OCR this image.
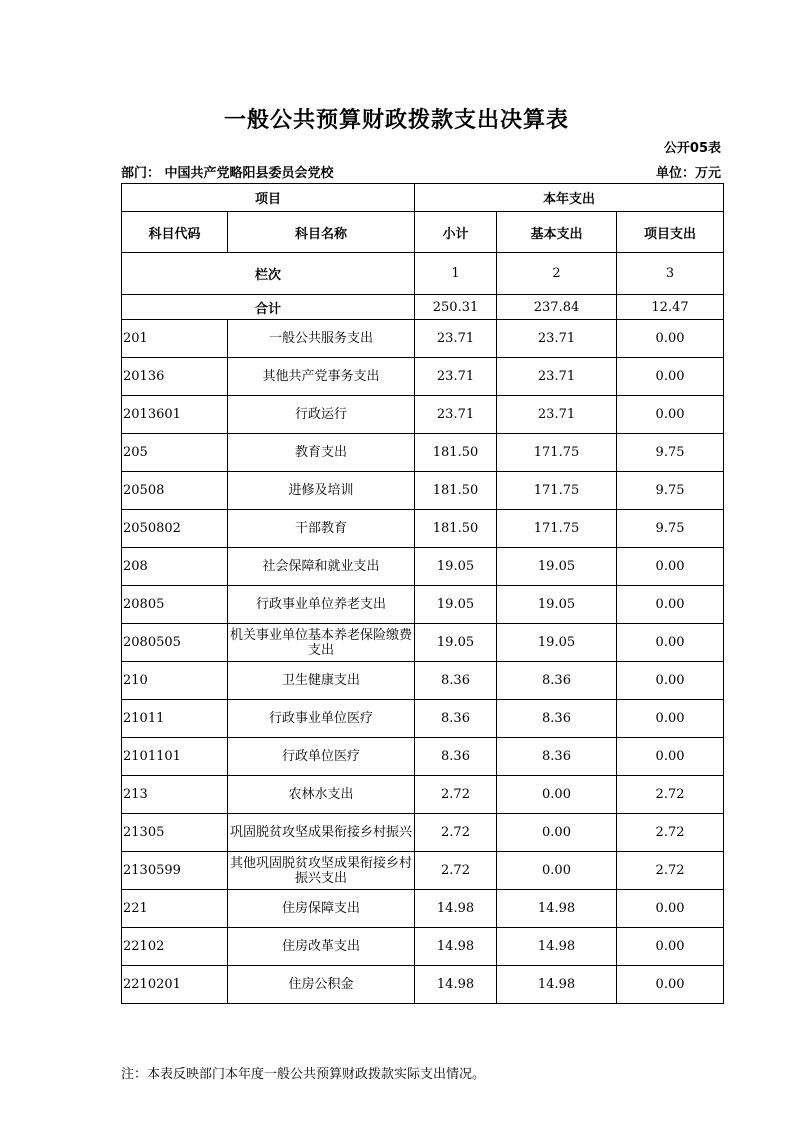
一般公共预算财政拨款支出决算表
公开05表
部门： 中国共产党略阳县委员会党校	单位：万元
项目		本年支出		
科目代码	科目名称	小计	基本支出	项目支出
栏次		1	2	3
合计		250.31	237.84	12.47
201	一般公共服务支出	23.71	23.71	0.00
20136	其他共产党事务支出	23.71	23.71	0.00
2013601	行政运行	23.71	23.71	0.00
205	教育支出	181.50	171.75	9.75
20508	进修及培训	181.50	171.75	9.75
2050802	干部教育	181.50	171.75	9.75
208	社会保障和就业支出	19.05	19.05	0.00
20805	行政事业单位养老支出	19.05	19.05	0.00
2080505	机关事业单位基本养老保险缴费支出	19.05	19.05	0.00
210	卫生健康支出	8.36	8.36	0.00
21011	行政事业单位医疗	8.36	8.36	0.00
2101101	行政单位医疗	8.36	8.36	0.00
213	农林水支出	2.72	0.00	2.72
21305	巩固脱贫攻坚成果衔接乡村振兴	2.72	0.00	2.72
2130599	其他巩固脱贫攻坚成果衔接乡村振兴支出	2.72	0.00	2.72
221	住房保障支出	14.98	14.98	0.00
22102	住房改革支出	14.98	14.98	0.00
2210201	住房公积金	14.98	14.98	0.00
注：本表反映部门本年度一般公共预算财政拨款实际支出情况。
